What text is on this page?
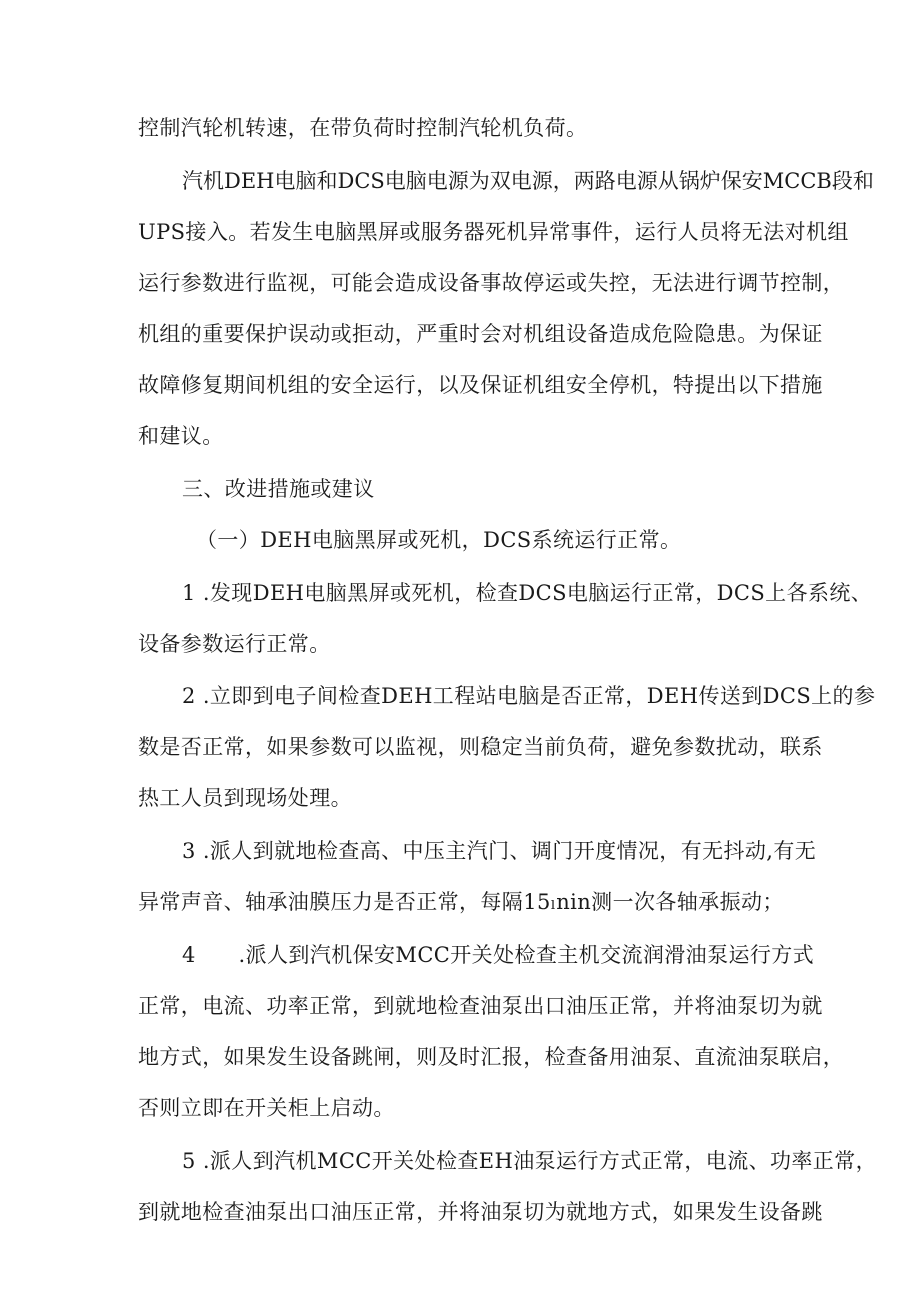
控制汽轮机转速，在带负荷时控制汽轮机负荷。
汽机DEH电脑和DCS电脑电源为双电源，两路电源从锅炉保安MCCB段和
UPS接入。若发生电脑黑屏或服务器死机异常事件，运行人员将无法对机组
运行参数进行监视，可能会造成设备事故停运或失控，无法进行调节控制，
机组的重要保护误动或拒动，严重时会对机组设备造成危险隐患。为保证
故障修复期间机组的安全运行，以及保证机组安全停机，特提出以下措施
和建议。
三、改进措施或建议
（一）DEH电脑黑屏或死机，DCS系统运行正常。
1 .发现DEH电脑黑屏或死机，检查DCS电脑运行正常，DCS上各系统、
设备参数运行正常。
2 .立即到电子间检查DEH工程站电脑是否正常，DEH传送到DCS上的参
数是否正常，如果参数可以监视，则稳定当前负荷，避免参数扰动，联系
热工人员到现场处理。
3 .派人到就地检查高、中压主汽门、调门开度情况，有无抖动,有无
异常声音、轴承油膜压力是否正常，每隔15ₗnin测一次各轴承振动；
4　　.派人到汽机保安MCC开关处检查主机交流润滑油泵运行方式
正常，电流、功率正常，到就地检查油泵出口油压正常，并将油泵切为就
地方式，如果发生设备跳闸，则及时汇报，检查备用油泵、直流油泵联启，
否则立即在开关柜上启动。
5 .派人到汽机MCC开关处检查EH油泵运行方式正常，电流、功率正常，
到就地检查油泵出口油压正常，并将油泵切为就地方式，如果发生设备跳
